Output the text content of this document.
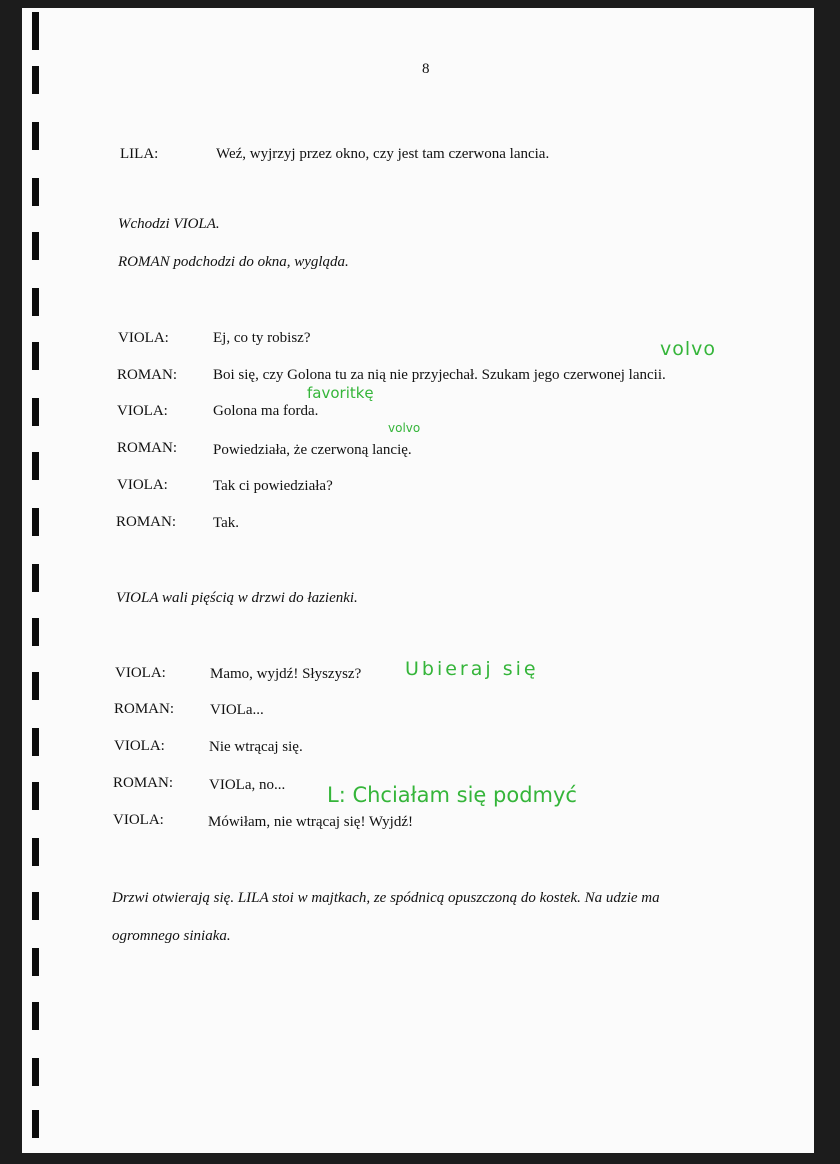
8
LILA:	Weź, wyjrzyj przez okno, czy jest tam czerwona lancia.
Wchodzi VIOLA.
ROMAN podchodzi do okna, wygląda.
VIOLA:	Ej, co ty robisz?
ROMAN: Boi się, czy Golona tu za nią nie przyjechał. Szukam jego czerwonej lancii.
VIOLA:	Golona ma forda.
ROMAN: Powiedziała, że czerwoną lancię.
VIOLA:	Tak ci powiedziała?
ROMAN: Tak.
VIOLA wali pięścią w drzwi do łazienki.
VIOLA:	Mamo, wyjdź! Słyszysz?
ROMAN: VIOLa...
VIOLA:	Nie wtrącaj się.
ROMAN: VIOLa, no...
VIOLA:	Mówiłam, nie wtrącaj się! Wyjdź!
Drzwi otwierają się. LILA stoi w majtkach, ze spódnicą opuszczoną do kostek. Na udzie ma
ogromnego siniaka.
volvo
favoritkę
volvo
Ubieraj się
L: Chciałam się podmyć
